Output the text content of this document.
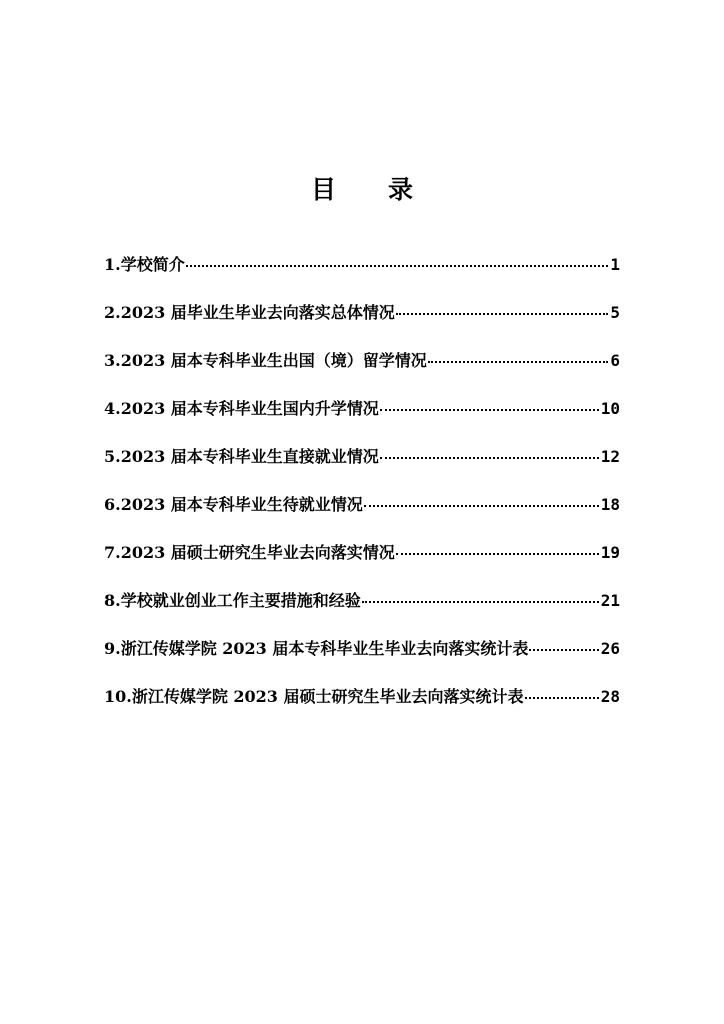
目 录
1.学校简介	1
2.2023 届毕业生毕业去向落实总体情况	5
3.2023 届本专科毕业生出国（境）留学情况	6
4.2023 届本专科毕业生国内升学情况	10
5.2023 届本专科毕业生直接就业情况	12
6.2023 届本专科毕业生待就业情况	18
7.2023 届硕士研究生毕业去向落实情况	19
8.学校就业创业工作主要措施和经验	21
9.浙江传媒学院 2023 届本专科毕业生毕业去向落实统计表	26
10.浙江传媒学院 2023 届硕士研究生毕业去向落实统计表	28
